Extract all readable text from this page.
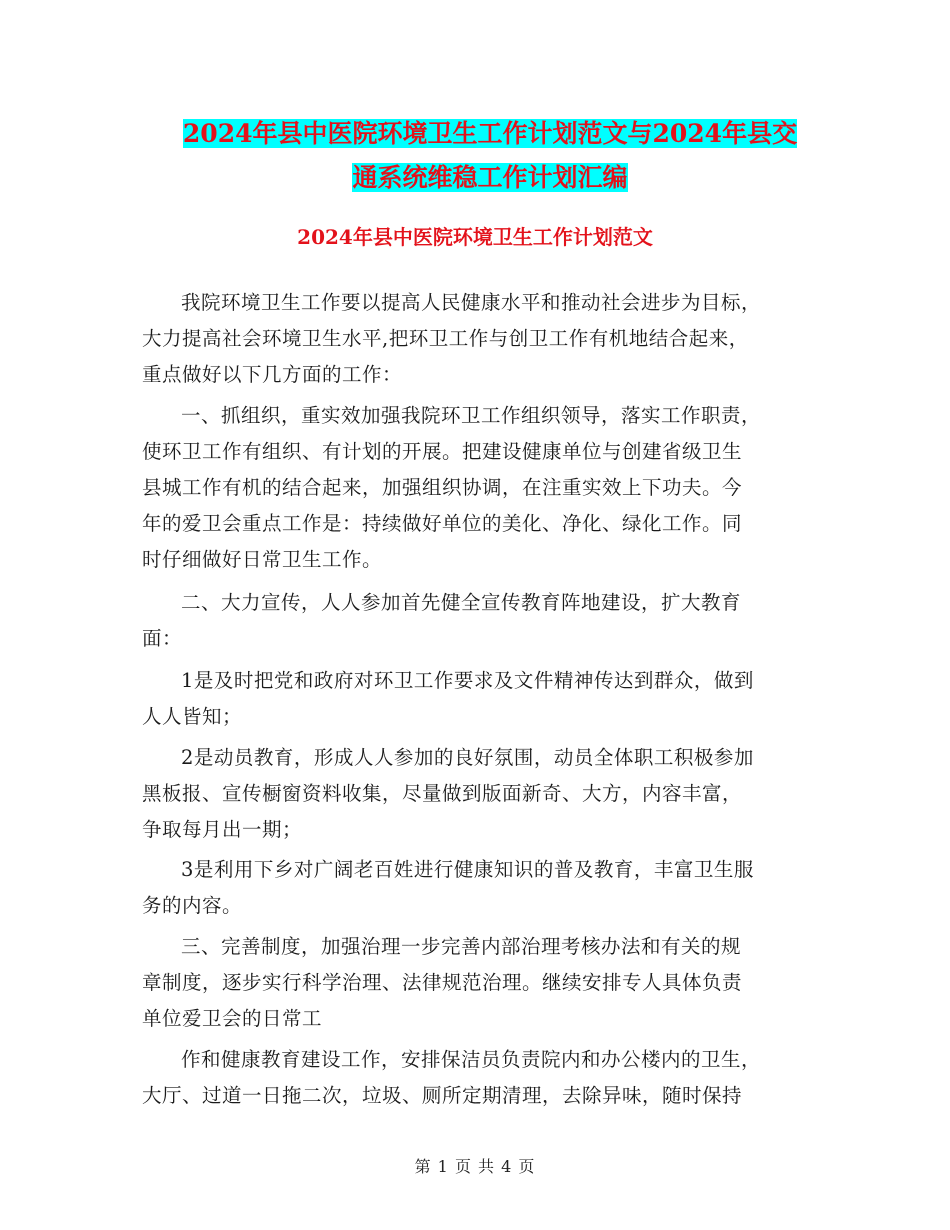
2024年县中医院环境卫生工作计划范文与2024年县交
通系统维稳工作计划汇编
2024年县中医院环境卫生工作计划范文
我院环境卫生工作要以提高人民健康水平和推动社会进步为目标，
大力提高社会环境卫生水平,把环卫工作与创卫工作有机地结合起来，
重点做好以下几方面的工作：
一、抓组织，重实效加强我院环卫工作组织领导，落实工作职责，
使环卫工作有组织、有计划的开展。把建设健康单位与创建省级卫生
县城工作有机的结合起来，加强组织协调，在注重实效上下功夫。今
年的爱卫会重点工作是：持续做好单位的美化、净化、绿化工作。同
时仔细做好日常卫生工作。
二、大力宣传，人人参加首先健全宣传教育阵地建设，扩大教育
面：
1是及时把党和政府对环卫工作要求及文件精神传达到群众，做到
人人皆知；
2是动员教育，形成人人参加的良好氛围，动员全体职工积极参加
黑板报、宣传橱窗资料收集，尽量做到版面新奇、大方，内容丰富，
争取每月出一期；
3是利用下乡对广阔老百姓进行健康知识的普及教育，丰富卫生服
务的内容。
三、完善制度，加强治理一步完善内部治理考核办法和有关的规
章制度，逐步实行科学治理、法律规范治理。继续安排专人具体负责
单位爱卫会的日常工
作和健康教育建设工作，安排保洁员负责院内和办公楼内的卫生，
大厅、过道一日拖二次，垃圾、厕所定期清理，去除异味，随时保持
第 1 页 共 4 页
